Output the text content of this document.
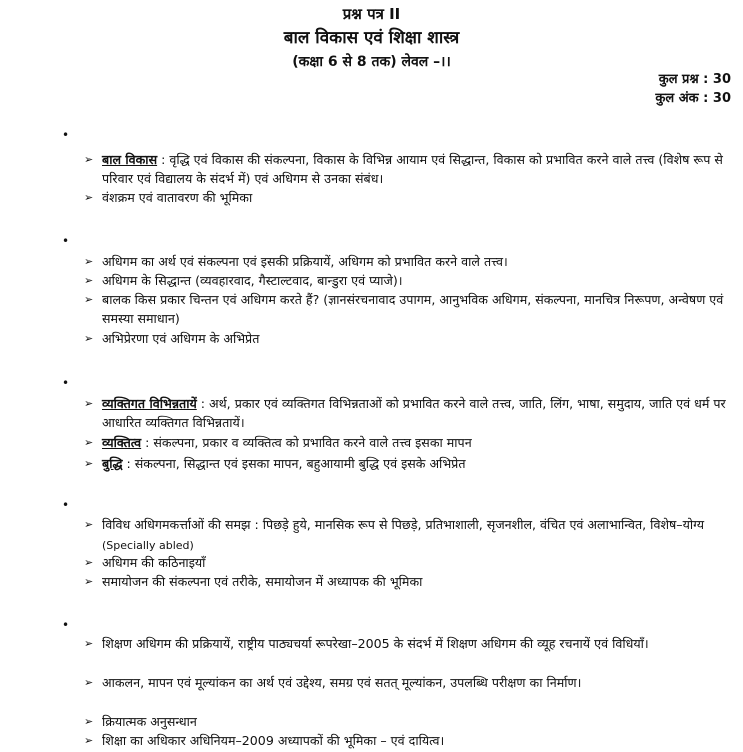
प्रश्न पत्र II
बाल विकास एवं शिक्षा शास्त्र
(कक्षा 6 से 8 तक) लेवल –।।
कुल प्रश्न : 30
कुल अंक : 30
•
➢ बाल विकास : वृद्धि एवं विकास की संकल्पना, विकास के विभिन्न आयाम एवं सिद्धान्त, विकास को प्रभावित करने वाले तत्त्व (विशेष रूप से परिवार एवं विद्यालय के संदर्भ में) एवं अधिगम से उनका संबंध।
➢ वंशक्रम एवं वातावरण की भूमिका
•
➢ अधिगम का अर्थ एवं संकल्पना एवं इसकी प्रक्रियायें, अधिगम को प्रभावित करने वाले तत्त्व।
➢ अधिगम के सिद्धान्त (व्यवहारवाद, गैस्टाल्टवाद, बान्डुरा एवं प्याजे)।
➢ बालक किस प्रकार चिन्तन एवं अधिगम करते हैं? (ज्ञानसंरचनावाद उपागम, आनुभविक अधिगम, संकल्पना, मानचित्र निरूपण, अन्वेषण एवं समस्या समाधान)
➢ अभिप्रेरणा एवं अधिगम के अभिप्रेत
•
➢ व्यक्तिगत विभिन्नतायें : अर्थ, प्रकार एवं व्यक्तिगत विभिन्नताओं को प्रभावित करने वाले तत्त्व, जाति, लिंग, भाषा, समुदाय, जाति एवं धर्म पर आधारित व्यक्तिगत विभिन्नतायें।
➢ व्यक्तित्व : संकल्पना, प्रकार व व्यक्तित्व को प्रभावित करने वाले तत्त्व इसका मापन
➢ बुद्धि : संकल्पना, सिद्धान्त एवं इसका मापन, बहुआयामी बुद्धि एवं इसके अभिप्रेत
•
➢ विविध अधिगमकर्त्ताओं की समझ : पिछड़े हुये, मानसिक रूप से पिछड़े, प्रतिभाशाली, सृजनशील, वंचित एवं अलाभान्वित, विशेष–योग्य (Specially abled)
➢ अधिगम की कठिनाइयाँ
➢ समायोजन की संकल्पना एवं तरीके, समायोजन में अध्यापक की भूमिका
•
➢ शिक्षण अधिगम की प्रक्रियायें, राष्ट्रीय पाठ्यचर्या रूपरेखा–2005 के संदर्भ में शिक्षण अधिगम की व्यूह रचनायें एवं विधियाँ।
➢ आकलन, मापन एवं मूल्यांकन का अर्थ एवं उद्देश्य, समग्र एवं सतत् मूल्यांकन, उपलब्धि परीक्षण का निर्माण।
➢ क्रियात्मक अनुसन्धान
➢ शिक्षा का अधिकार अधिनियम–2009 अध्यापकों की भूमिका – एवं दायित्व।
